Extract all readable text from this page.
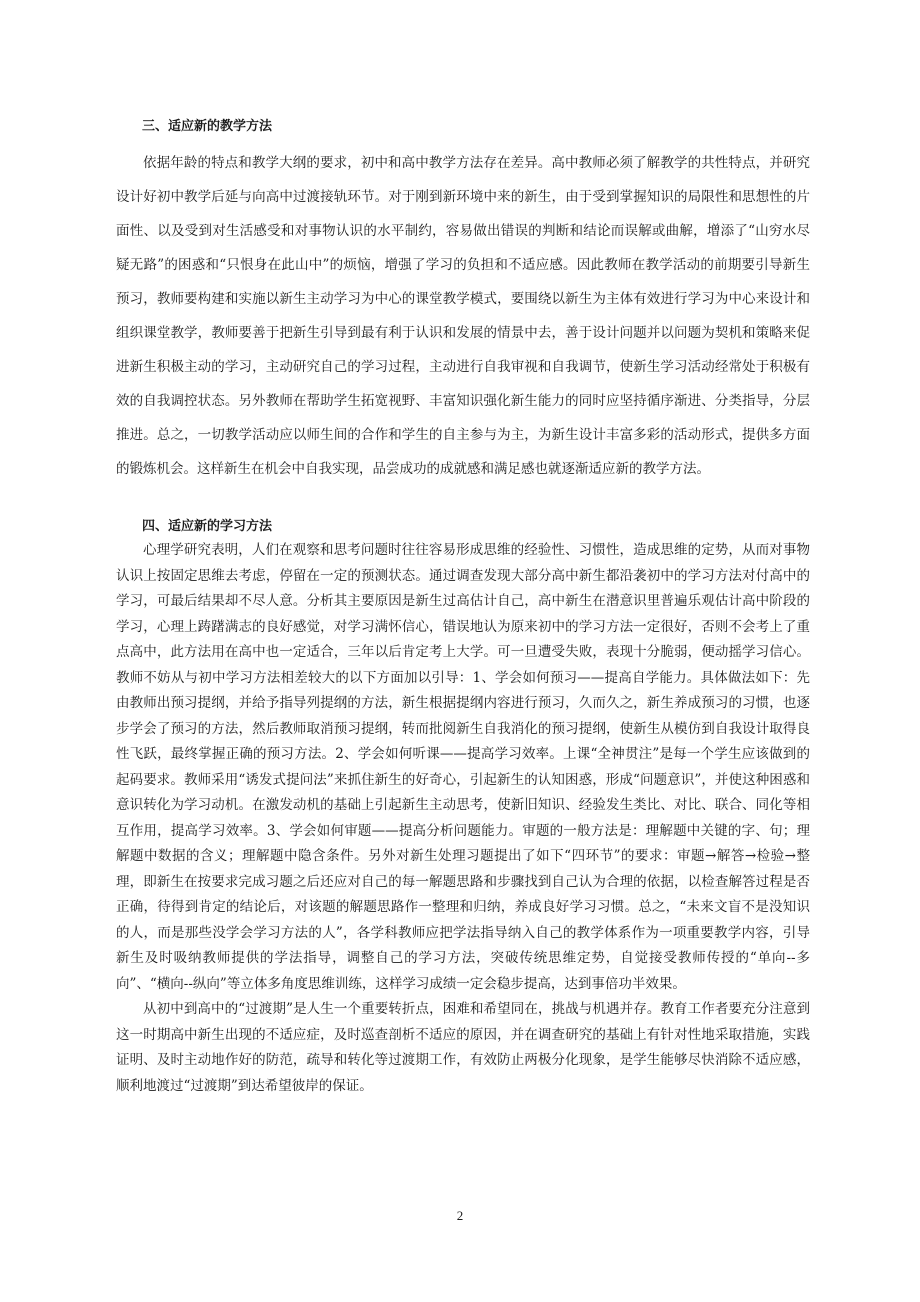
三、适应新的教学方法

依据年龄的特点和教学大纲的要求，初中和高中教学方法存在差异。高中教师必须了解教学的共性特点，并研究设计好初中教学后延与向高中过渡接轨环节。对于刚到新环境中来的新生，由于受到掌握知识的局限性和思想性的片面性、以及受到对生活感受和对事物认识的水平制约，容易做出错误的判断和结论而误解或曲解，增添了“山穷水尽疑无路”的困惑和“只恨身在此山中”的烦恼，增强了学习的负担和不适应感。因此教师在教学活动的前期要引导新生预习，教师要构建和实施以新生主动学习为中心的课堂教学模式，要围绕以新生为主体有效进行学习为中心来设计和组织课堂教学，教师要善于把新生引导到最有利于认识和发展的情景中去，善于设计问题并以问题为契机和策略来促进新生积极主动的学习，主动研究自己的学习过程，主动进行自我审视和自我调节，使新生学习活动经常处于积极有效的自我调控状态。另外教师在帮助学生拓宽视野、丰富知识强化新生能力的同时应坚持循序渐进、分类指导，分层推进。总之，一切教学活动应以师生间的合作和学生的自主参与为主，为新生设计丰富多彩的活动形式，提供多方面的锻炼机会。这样新生在机会中自我实现，品尝成功的成就感和满足感也就逐渐适应新的教学方法。

四、适应新的学习方法

心理学研究表明，人们在观察和思考问题时往往容易形成思维的经验性、习惯性，造成思维的定势，从而对事物认识上按固定思维去考虑，停留在一定的预测状态。通过调查发现大部分高中新生都沿袭初中的学习方法对付高中的学习，可最后结果却不尽人意。分析其主要原因是新生过高估计自己，高中新生在潜意识里普遍乐观估计高中阶段的学习，心理上踌躇满志的良好感觉，对学习满怀信心，错误地认为原来初中的学习方法一定很好，否则不会考上了重点高中，此方法用在高中也一定适合，三年以后肯定考上大学。可一旦遭受失败，表现十分脆弱，便动摇学习信心。教师不妨从与初中学习方法相差较大的以下方面加以引导：1、学会如何预习——提高自学能力。具体做法如下：先由教师出预习提纲，并给予指导列提纲的方法，新生根据提纲内容进行预习，久而久之，新生养成预习的习惯，也逐步学会了预习的方法，然后教师取消预习提纲，转而批阅新生自我消化的预习提纲，使新生从模仿到自我设计取得良性飞跃，最终掌握正确的预习方法。2、学会如何听课——提高学习效率。上课“全神贯注”是每一个学生应该做到的起码要求。教师采用“诱发式提问法”来抓住新生的好奇心，引起新生的认知困惑，形成“问题意识”，并使这种困惑和意识转化为学习动机。在激发动机的基础上引起新生主动思考，使新旧知识、经验发生类比、对比、联合、同化等相互作用，提高学习效率。3、学会如何审题——提高分析问题能力。审题的一般方法是：理解题中关键的字、句；理解题中数据的含义；理解题中隐含条件。另外对新生处理习题提出了如下“四环节”的要求：审题→解答→检验→整理，即新生在按要求完成习题之后还应对自己的每一解题思路和步骤找到自己认为合理的依据，以检查解答过程是否正确，待得到肯定的结论后，对该题的解题思路作一整理和归纳，养成良好学习习惯。总之，“未来文盲不是没知识的人，而是那些没学会学习方法的人”，各学科教师应把学法指导纳入自己的教学体系作为一项重要教学内容，引导新生及时吸纳教师提供的学法指导，调整自己的学习方法，突破传统思维定势，自觉接受教师传授的“单向--多向”、“横向--纵向”等立体多角度思维训练，这样学习成绩一定会稳步提高，达到事倍功半效果。

从初中到高中的“过渡期”是人生一个重要转折点，困难和希望同在，挑战与机遇并存。教育工作者要充分注意到这一时期高中新生出现的不适应症，及时巡查剖析不适应的原因，并在调查研究的基础上有针对性地采取措施，实践证明、及时主动地作好的防范，疏导和转化等过渡期工作，有效防止两极分化现象，是学生能够尽快消除不适应感，顺利地渡过“过渡期”到达希望彼岸的保证。

2
